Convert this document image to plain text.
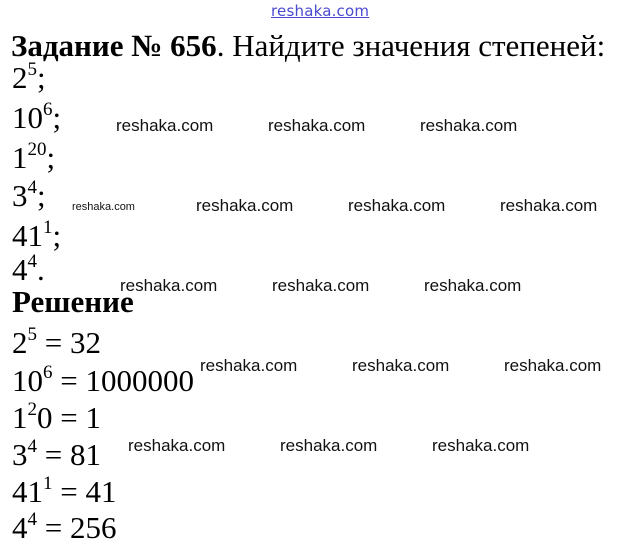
reshaka.com
Задание № 656. Найдите значения степеней:
$2^5$;
$10^6$;
$1^{20}$;
$3^4$;
$41^1$;
$4^4$.
Решение
$2^5 = 32$
$10^6 = 1000000$
$1^20 = 1$
$3^4 = 81$
$41^1 = 41$
$4^4 = 256$
reshaka.com	reshaka.com	reshaka.com
reshaka.com	reshaka.com	reshaka.com	reshaka.com
reshaka.com	reshaka.com	reshaka.com
reshaka.com	reshaka.com	reshaka.com
reshaka.com	reshaka.com	reshaka.com
